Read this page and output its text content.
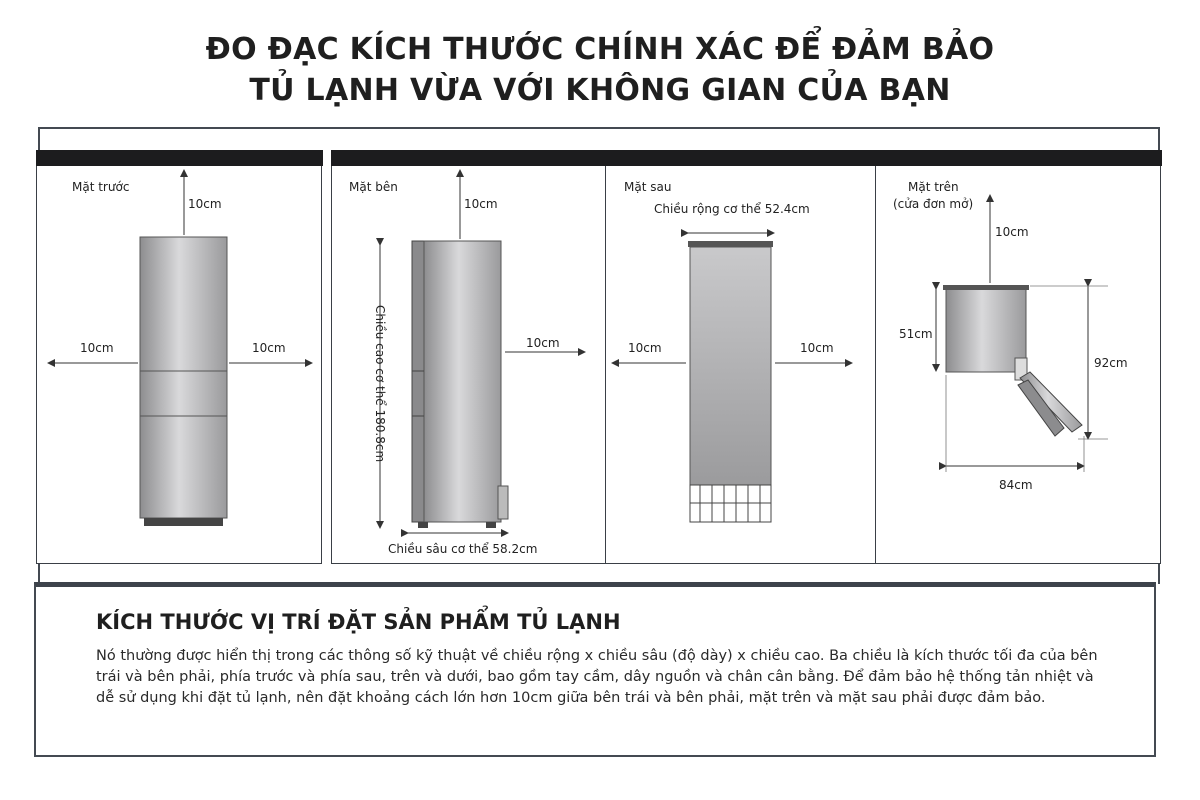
ĐO ĐẠC KÍCH THƯỚC CHÍNH XÁC ĐỂ ĐẢM BẢO
TỦ LẠNH VỪA VỚI KHÔNG GIAN CỦA BẠN
Mặt trước
10cm
10cm	10cm
Mặt bên
10cm
10cm
Chiều cao cơ thể 180.8cm
Chiều sâu cơ thể 58.2cm
Mặt sau
Chiều rộng cơ thể 52.4cm
10cm	10cm
Mặt trên
(cửa đơn mở)
10cm
51cm
92cm
84cm
KÍCH THƯỚC VỊ TRÍ ĐẶT SẢN PHẨM TỦ LẠNH
Nó thường được hiển thị trong các thông số kỹ thuật về chiều rộng x chiều sâu (độ dày) x chiều cao. Ba chiều là kích thước tối đa của bên trái và bên phải, phía trước và phía sau, trên và dưới, bao gồm tay cầm, dây nguồn và chân cân bằng. Để đảm bảo hệ thống tản nhiệt và dễ sử dụng khi đặt tủ lạnh, nên đặt khoảng cách lớn hơn 10cm giữa bên trái và bên phải, mặt trên và mặt sau phải được đảm bảo.
